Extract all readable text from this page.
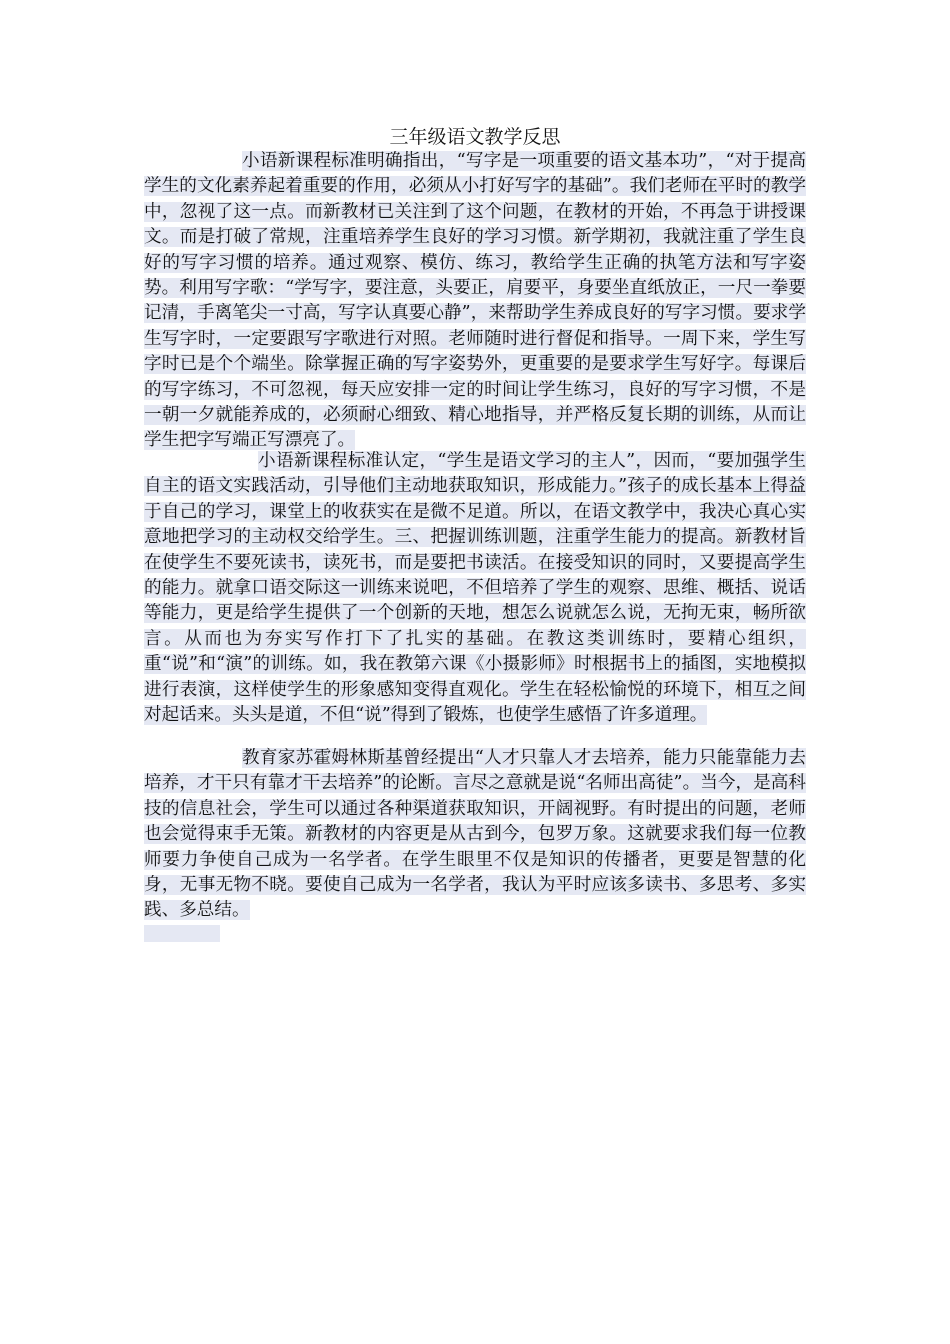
三年级语文教学反思

小语新课程标准明确指出，“写字是一项重要的语文基本功”，“对于提高学生的文化素养起着重要的作用，必须从小打好写字的基础”。我们老师在平时的教学中，忽视了这一点。而新教材已关注到了这个问题，在教材的开始，不再急于讲授课文。而是打破了常规，注重培养学生良好的学习习惯。新学期初，我就注重了学生良好的写字习惯的培养。通过观察、模仿、练习，教给学生正确的执笔方法和写字姿势。利用写字歌：“学写字，要注意，头要正，肩要平，身要坐直纸放正，一尺一拳要记清，手离笔尖一寸高，写字认真要心静”，来帮助学生养成良好的写字习惯。要求学生写字时，一定要跟写字歌进行对照。老师随时进行督促和指导。一周下来，学生写字时已是个个端坐。除掌握正确的写字姿势外，更重要的是要求学生写好字。每课后的写字练习，不可忽视，每天应安排一定的时间让学生练习，良好的写字习惯，不是一朝一夕就能养成的，必须耐心细致、精心地指导，并严格反复长期的训练，从而让学生把字写端正写漂亮了。

小语新课程标准认定，“学生是语文学习的主人”，因而，“要加强学生自主的语文实践活动，引导他们主动地获取知识，形成能力。”孩子的成长基本上得益于自己的学习，课堂上的收获实在是微不足道。所以，在语文教学中，我决心真心实意地把学习的主动权交给学生。三、把握训练训题，注重学生能力的提高。新教材旨在使学生不要死读书，读死书，而是要把书读活。在接受知识的同时，又要提高学生的能力。就拿口语交际这一训练来说吧，不但培养了学生的观察、思维、概括、说话等能力，更是给学生提供了一个创新的天地，想怎么说就怎么说，无拘无束，畅所欲言。从而也为夯实写作打下了扎实的基础。在教这类训练时，要精心组织，重“说”和“演”的训练。如，我在教第六课《小摄影师》时根据书上的插图，实地模拟进行表演，这样使学生的形象感知变得直观化。学生在轻松愉悦的环境下，相互之间对起话来。头头是道，不但“说”得到了锻炼，也使学生感悟了许多道理。

教育家苏霍姆林斯基曾经提出“人才只靠人才去培养，能力只能靠能力去培养，才干只有靠才干去培养”的论断。言尽之意就是说“名师出高徒”。当今，是高科技的信息社会，学生可以通过各种渠道获取知识，开阔视野。有时提出的问题，老师也会觉得束手无策。新教材的内容更是从古到今，包罗万象。这就要求我们每一位教师要力争使自己成为一名学者。在学生眼里不仅是知识的传播者，更要是智慧的化身，无事无物不晓。要使自己成为一名学者，我认为平时应该多读书、多思考、多实践、多总结。
